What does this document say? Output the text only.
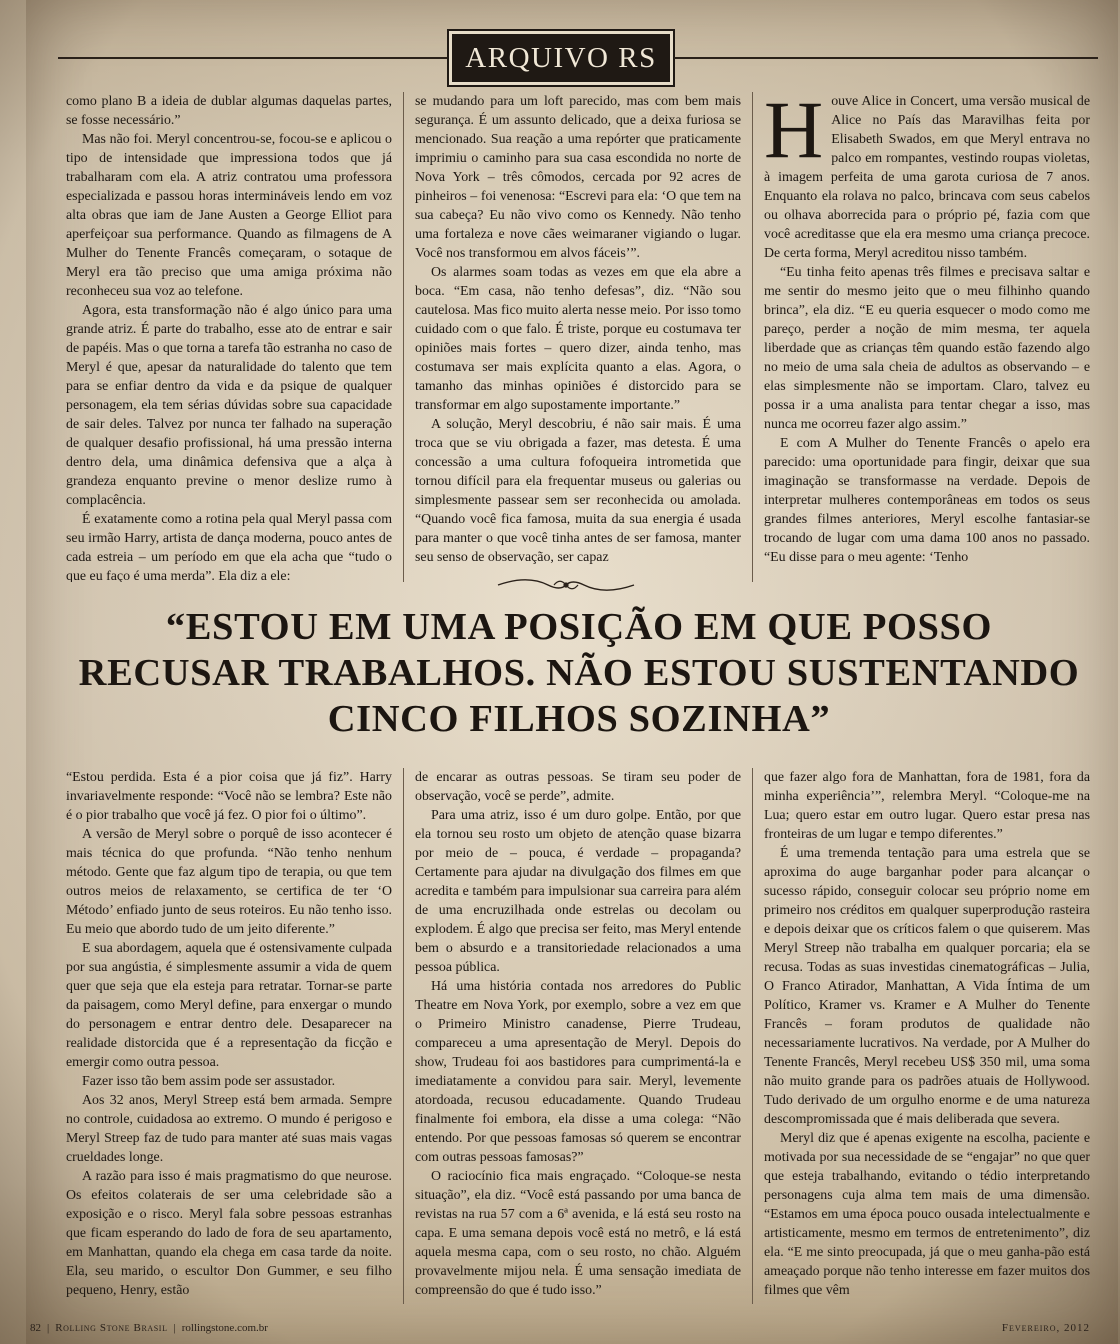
ARQUIVO RS

como plano B a ideia de dublar algumas daquelas partes, se fosse necessário.”

Mas não foi. Meryl concentrou-se, focou-se e aplicou o tipo de intensidade que impressiona todos que já trabalharam com ela. A atriz contratou uma professora especializada e passou horas intermináveis lendo em voz alta obras que iam de Jane Austen a George Elliot para aperfeiçoar sua performance. Quando as filmagens de A Mulher do Tenente Francês começaram, o sotaque de Meryl era tão preciso que uma amiga próxima não reconheceu sua voz ao telefone.

Agora, esta transformação não é algo único para uma grande atriz. É parte do trabalho, esse ato de entrar e sair de papéis. Mas o que torna a tarefa tão estranha no caso de Meryl é que, apesar da naturalidade do talento que tem para se enfiar dentro da vida e da psique de qualquer personagem, ela tem sérias dúvidas sobre sua capacidade de sair deles. Talvez por nunca ter falhado na superação de qualquer desafio profissional, há uma pressão interna dentro dela, uma dinâmica defensiva que a alça à grandeza enquanto previne o menor deslize rumo à complacência.

É exatamente como a rotina pela qual Meryl passa com seu irmão Harry, artista de dança moderna, pouco antes de cada estreia – um período em que ela acha que “tudo o que eu faço é uma merda”. Ela diz a ele:

se mudando para um loft parecido, mas com bem mais segurança. É um assunto delicado, que a deixa furiosa se mencionado. Sua reação a uma repórter que praticamente imprimiu o caminho para sua casa escondida no norte de Nova York – três cômodos, cercada por 92 acres de pinheiros – foi venenosa: “Escrevi para ela: ‘O que tem na sua cabeça? Eu não vivo como os Kennedy. Não tenho uma fortaleza e nove cães weimaraner vigiando o lugar. Você nos transformou em alvos fáceis’”.

Os alarmes soam todas as vezes em que ela abre a boca. “Em casa, não tenho defesas”, diz. “Não sou cautelosa. Mas fico muito alerta nesse meio. Por isso tomo cuidado com o que falo. É triste, porque eu costumava ter opiniões mais fortes – quero dizer, ainda tenho, mas costumava ser mais explícita quanto a elas. Agora, o tamanho das minhas opiniões é distorcido para se transformar em algo supostamente importante.”

A solução, Meryl descobriu, é não sair mais. É uma troca que se viu obrigada a fazer, mas detesta. É uma concessão a uma cultura fofoqueira intrometida que tornou difícil para ela frequentar museus ou galerias ou simplesmente passear sem ser reconhecida ou amolada. “Quando você fica famosa, muita da sua energia é usada para manter o que você tinha antes de ser famosa, manter seu senso de observação, ser capaz

Houve Alice in Concert, uma versão musical de Alice no País das Maravilhas feita por Elisabeth Swados, em que Meryl entrava no palco em rompantes, vestindo roupas violetas, à imagem perfeita de uma garota curiosa de 7 anos. Enquanto ela rolava no palco, brincava com seus cabelos ou olhava aborrecida para o próprio pé, fazia com que você acreditasse que ela era mesmo uma criança precoce. De certa forma, Meryl acreditou nisso também.

“Eu tinha feito apenas três filmes e precisava saltar e me sentir do mesmo jeito que o meu filhinho quando brinca”, ela diz. “E eu queria esquecer o modo como me pareço, perder a noção de mim mesma, ter aquela liberdade que as crianças têm quando estão fazendo algo no meio de uma sala cheia de adultos as observando – e elas simplesmente não se importam. Claro, talvez eu possa ir a uma analista para tentar chegar a isso, mas nunca me ocorreu fazer algo assim.”

E com A Mulher do Tenente Francês o apelo era parecido: uma oportunidade para fingir, deixar que sua imaginação se transformasse na verdade. Depois de interpretar mulheres contemporâneas em todos os seus grandes filmes anteriores, Meryl escolhe fantasiar-se trocando de lugar com uma dama 100 anos no passado. “Eu disse para o meu agente: ‘Tenho

“ESTOU EM UMA POSIÇÃO EM QUE POSSO
RECUSAR TRABALHOS. NÃO ESTOU SUSTENTANDO
CINCO FILHOS SOZINHA”

“Estou perdida. Esta é a pior coisa que já fiz”. Harry invariavelmente responde: “Você não se lembra? Este não é o pior trabalho que você já fez. O pior foi o último”.

A versão de Meryl sobre o porquê de isso acontecer é mais técnica do que profunda. “Não tenho nenhum método. Gente que faz algum tipo de terapia, ou que tem outros meios de relaxamento, se certifica de ter ‘O Método’ enfiado junto de seus roteiros. Eu não tenho isso. Eu meio que abordo tudo de um jeito diferente.”

E sua abordagem, aquela que é ostensivamente culpada por sua angústia, é simplesmente assumir a vida de quem quer que seja que ela esteja para retratar. Tornar-se parte da paisagem, como Meryl define, para enxergar o mundo do personagem e entrar dentro dele. Desaparecer na realidade distorcida que é a representação da ficção e emergir como outra pessoa.

Fazer isso tão bem assim pode ser assustador.

Aos 32 anos, Meryl Streep está bem armada. Sempre no controle, cuidadosa ao extremo. O mundo é perigoso e Meryl Streep faz de tudo para manter até suas mais vagas crueldades longe.

A razão para isso é mais pragmatismo do que neurose. Os efeitos colaterais de ser uma celebridade são a exposição e o risco. Meryl fala sobre pessoas estranhas que ficam esperando do lado de fora de seu apartamento, em Manhattan, quando ela chega em casa tarde da noite. Ela, seu marido, o escultor Don Gummer, e seu filho pequeno, Henry, estão

de encarar as outras pessoas. Se tiram seu poder de observação, você se perde”, admite.

Para uma atriz, isso é um duro golpe. Então, por que ela tornou seu rosto um objeto de atenção quase bizarra por meio de – pouca, é verdade – propaganda? Certamente para ajudar na divulgação dos filmes em que acredita e também para impulsionar sua carreira para além de uma encruzilhada onde estrelas ou decolam ou explodem. É algo que precisa ser feito, mas Meryl entende bem o absurdo e a transitoriedade relacionados a uma pessoa pública.

Há uma história contada nos arredores do Public Theatre em Nova York, por exemplo, sobre a vez em que o Primeiro Ministro canadense, Pierre Trudeau, compareceu a uma apresentação de Meryl. Depois do show, Trudeau foi aos bastidores para cumprimentá-la e imediatamente a convidou para sair. Meryl, levemente atordoada, recusou educadamente. Quando Trudeau finalmente foi embora, ela disse a uma colega: “Não entendo. Por que pessoas famosas só querem se encontrar com outras pessoas famosas?”

O raciocínio fica mais engraçado. “Coloque-se nesta situação”, ela diz. “Você está passando por uma banca de revistas na rua 57 com a 6ª avenida, e lá está seu rosto na capa. E uma semana depois você está no metrô, e lá está aquela mesma capa, com o seu rosto, no chão. Alguém provavelmente mijou nela. É uma sensação imediata de compreensão do que é tudo isso.”

que fazer algo fora de Manhattan, fora de 1981, fora da minha experiência’”, relembra Meryl. “Coloque-me na Lua; quero estar em outro lugar. Quero estar presa nas fronteiras de um lugar e tempo diferentes.”

É uma tremenda tentação para uma estrela que se aproxima do auge barganhar poder para alcançar o sucesso rápido, conseguir colocar seu próprio nome em primeiro nos créditos em qualquer superprodução rasteira e depois deixar que os críticos falem o que quiserem. Mas Meryl Streep não trabalha em qualquer porcaria; ela se recusa. Todas as suas investidas cinematográficas – Julia, O Franco Atirador, Manhattan, A Vida Íntima de um Político, Kramer vs. Kramer e A Mulher do Tenente Francês – foram produtos de qualidade não necessariamente lucrativos. Na verdade, por A Mulher do Tenente Francês, Meryl recebeu US$ 350 mil, uma soma não muito grande para os padrões atuais de Hollywood. Tudo derivado de um orgulho enorme e de uma natureza descompromissada que é mais deliberada que severa.

Meryl diz que é apenas exigente na escolha, paciente e motivada por sua necessidade de se “engajar” no que quer que esteja trabalhando, evitando o tédio interpretando personagens cuja alma tem mais de uma dimensão. “Estamos em uma época pouco ousada intelectualmente e artisticamente, mesmo em termos de entretenimento”, diz ela. “E me sinto preocupada, já que o meu ganha-pão está ameaçado porque não tenho interesse em fazer muitos dos filmes que vêm

82 | Rolling Stone Brasil | rollingstone.com.br	Fevereiro, 2012
